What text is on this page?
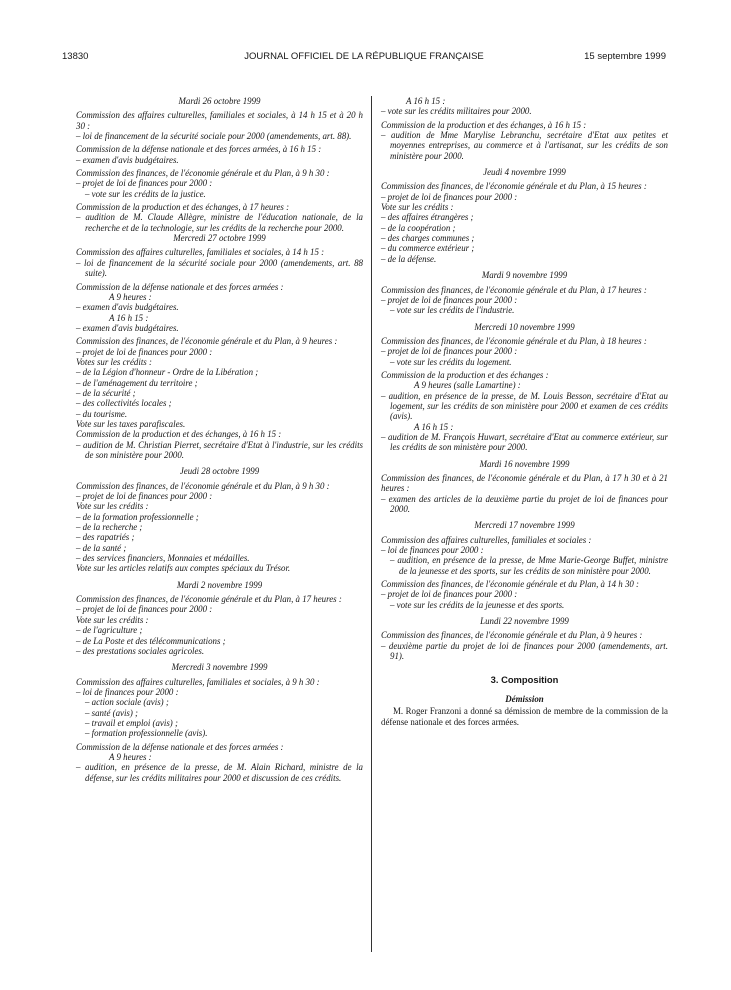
13830	JOURNAL OFFICIEL DE LA RÉPUBLIQUE FRANÇAISE	15 septembre 1999

Mardi 26 octobre 1999

Commission des affaires culturelles, familiales et sociales, à 14 h 15 et à 20 h 30 :

– loi de financement de la sécurité sociale pour 2000 (amendements, art. 88).

Commission de la défense nationale et des forces armées, à 16 h 15 :

– examen d'avis budgétaires.

Commission des finances, de l'économie générale et du Plan, à 9 h 30 :

– projet de loi de finances pour 2000 :

– vote sur les crédits de la justice.

Commission de la production et des échanges, à 17 heures :

– audition de M. Claude Allègre, ministre de l'éducation nationale, de la recherche et de la technologie, sur les crédits de la recherche pour 2000.

Mercredi 27 octobre 1999

Commission des affaires culturelles, familiales et sociales, à 14 h 15 :

– loi de financement de la sécurité sociale pour 2000 (amendements, art. 88 suite).

Commission de la défense nationale et des forces armées :

A 9 heures :

– examen d'avis budgétaires.

A 16 h 15 :

– examen d'avis budgétaires.

Commission des finances, de l'économie générale et du Plan, à 9 heures :

– projet de loi de finances pour 2000 :

Votes sur les crédits :

– de la Légion d'honneur - Ordre de la Libération ;

– de l'aménagement du territoire ;

– de la sécurité ;

– des collectivités locales ;

– du tourisme.

Vote sur les taxes parafiscales.

Commission de la production et des échanges, à 16 h 15 :

– audition de M. Christian Pierret, secrétaire d'Etat à l'industrie, sur les crédits de son ministère pour 2000.

Jeudi 28 octobre 1999

Commission des finances, de l'économie générale et du Plan, à 9 h 30 :

– projet de loi de finances pour 2000 :

Vote sur les crédits :

– de la formation professionnelle ;

– de la recherche ;

– des rapatriés ;

– de la santé ;

– des services financiers, Monnaies et médailles.

Vote sur les articles relatifs aux comptes spéciaux du Trésor.

Mardi 2 novembre 1999

Commission des finances, de l'économie générale et du Plan, à 17 heures :

– projet de loi de finances pour 2000 :

Vote sur les crédits :

– de l'agriculture ;

– de La Poste et des télécommunications ;

– des prestations sociales agricoles.

Mercredi 3 novembre 1999

Commission des affaires culturelles, familiales et sociales, à 9 h 30 :

– loi de finances pour 2000 :

– action sociale (avis) ;

– santé (avis) ;

– travail et emploi (avis) ;

– formation professionnelle (avis).

Commission de la défense nationale et des forces armées :

A 9 heures :

– audition, en présence de la presse, de M. Alain Richard, ministre de la défense, sur les crédits militaires pour 2000 et discussion de ces crédits.

A 16 h 15 :

– vote sur les crédits militaires pour 2000.

Commission de la production et des échanges, à 16 h 15 :

– audition de Mme Marylise Lebranchu, secrétaire d'Etat aux petites et moyennes entreprises, au commerce et à l'artisanat, sur les crédits de son ministère pour 2000.

Jeudi 4 novembre 1999

Commission des finances, de l'économie générale et du Plan, à 15 heures :

– projet de loi de finances pour 2000 :

Vote sur les crédits :

– des affaires étrangères ;

– de la coopération ;

– des charges communes ;

– du commerce extérieur ;

– de la défense.

Mardi 9 novembre 1999

Commission des finances, de l'économie générale et du Plan, à 17 heures :

– projet de loi de finances pour 2000 :

– vote sur les crédits de l'industrie.

Mercredi 10 novembre 1999

Commission des finances, de l'économie générale et du Plan, à 18 heures :

– projet de loi de finances pour 2000 :

– vote sur les crédits du logement.

Commission de la production et des échanges :

A 9 heures (salle Lamartine) :

– audition, en présence de la presse, de M. Louis Besson, secrétaire d'Etat au logement, sur les crédits de son ministère pour 2000 et examen de ces crédits (avis).

A 16 h 15 :

– audition de M. François Huwart, secrétaire d'Etat au commerce extérieur, sur les crédits de son ministère pour 2000.

Mardi 16 novembre 1999

Commission des finances, de l'économie générale et du Plan, à 17 h 30 et à 21 heures :

– examen des articles de la deuxième partie du projet de loi de finances pour 2000.

Mercredi 17 novembre 1999

Commission des affaires culturelles, familiales et sociales :

– loi de finances pour 2000 :

– audition, en présence de la presse, de Mme Marie-George Buffet, ministre de la jeunesse et des sports, sur les crédits de son ministère pour 2000.

Commission des finances, de l'économie générale et du Plan, à 14 h 30 :

– projet de loi de finances pour 2000 :

– vote sur les crédits de la jeunesse et des sports.

Lundi 22 novembre 1999

Commission des finances, de l'économie générale et du Plan, à 9 heures :

– deuxième partie du projet de loi de finances pour 2000 (amendements, art. 91).

3. Composition

Démission

M. Roger Franzoni a donné sa démission de membre de la commission de la défense nationale et des forces armées.
